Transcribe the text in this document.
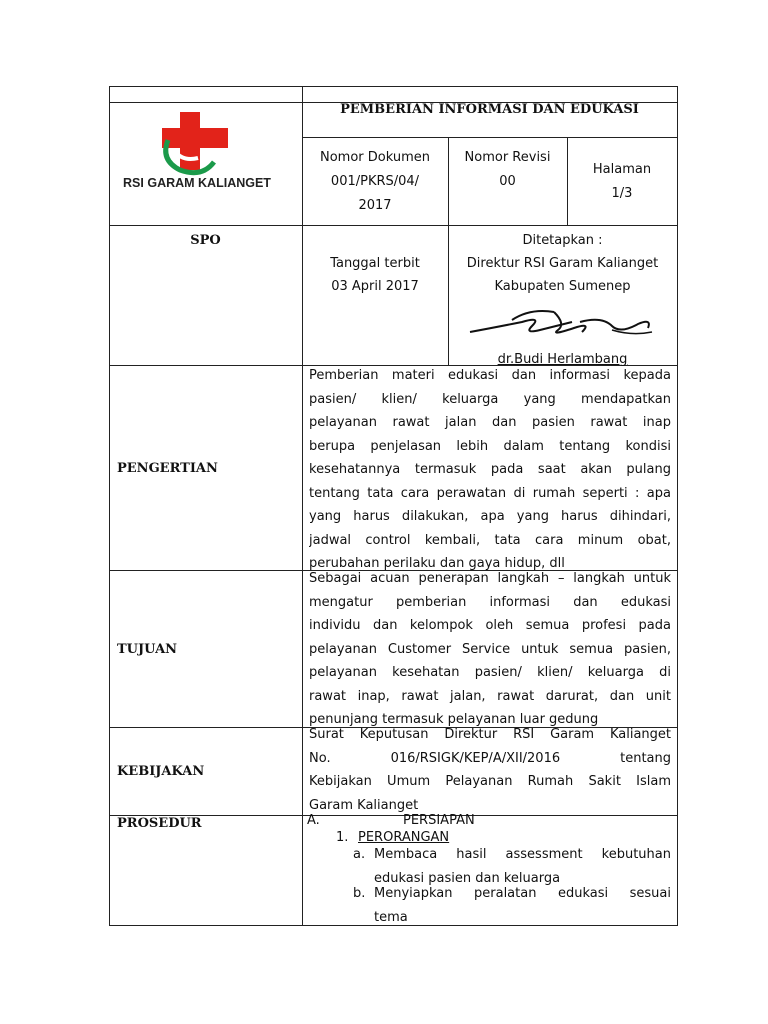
RSI GARAM KALIANGET
PEMBERIAN INFORMASI DAN EDUKASI
Nomor Dokumen
001/PKRS/04/
2017
Nomor Revisi
00
Halaman
1/3
SPO
Tanggal terbit
03 April 2017
Ditetapkan :
Direktur RSI Garam Kalianget
Kabupaten Sumenep
dr.Budi Herlambang
PENGERTIAN
Pemberian materi edukasi dan informasi kepada
pasien/ klien/ keluarga yang mendapatkan
pelayanan rawat jalan dan pasien rawat inap
berupa penjelasan lebih dalam tentang kondisi
kesehatannya termasuk pada saat akan pulang
tentang tata cara perawatan di rumah seperti : apa
yang harus dilakukan, apa yang harus dihindari,
jadwal control kembali, tata cara minum obat,
perubahan perilaku dan gaya hidup, dll
TUJUAN
Sebagai acuan penerapan langkah – langkah untuk
mengatur pemberian informasi dan edukasi
individu dan kelompok oleh semua profesi pada
pelayanan Customer Service untuk semua pasien,
pelayanan kesehatan pasien/ klien/ keluarga di
rawat inap, rawat jalan, rawat darurat, dan unit
penunjang termasuk pelayanan luar gedung
KEBIJAKAN
Surat Keputusan Direktur RSI Garam Kalianget
No. 016/RSIGK/KEP/A/XII/2016 tentang
Kebijakan Umum Pelayanan Rumah Sakit Islam
Garam Kalianget
PROSEDUR	A.	PERSIAPAN
1. PERORANGAN
a. Membaca hasil assessment kebutuhan
edukasi pasien dan keluarga
b. Menyiapkan peralatan edukasi sesuai
tema
